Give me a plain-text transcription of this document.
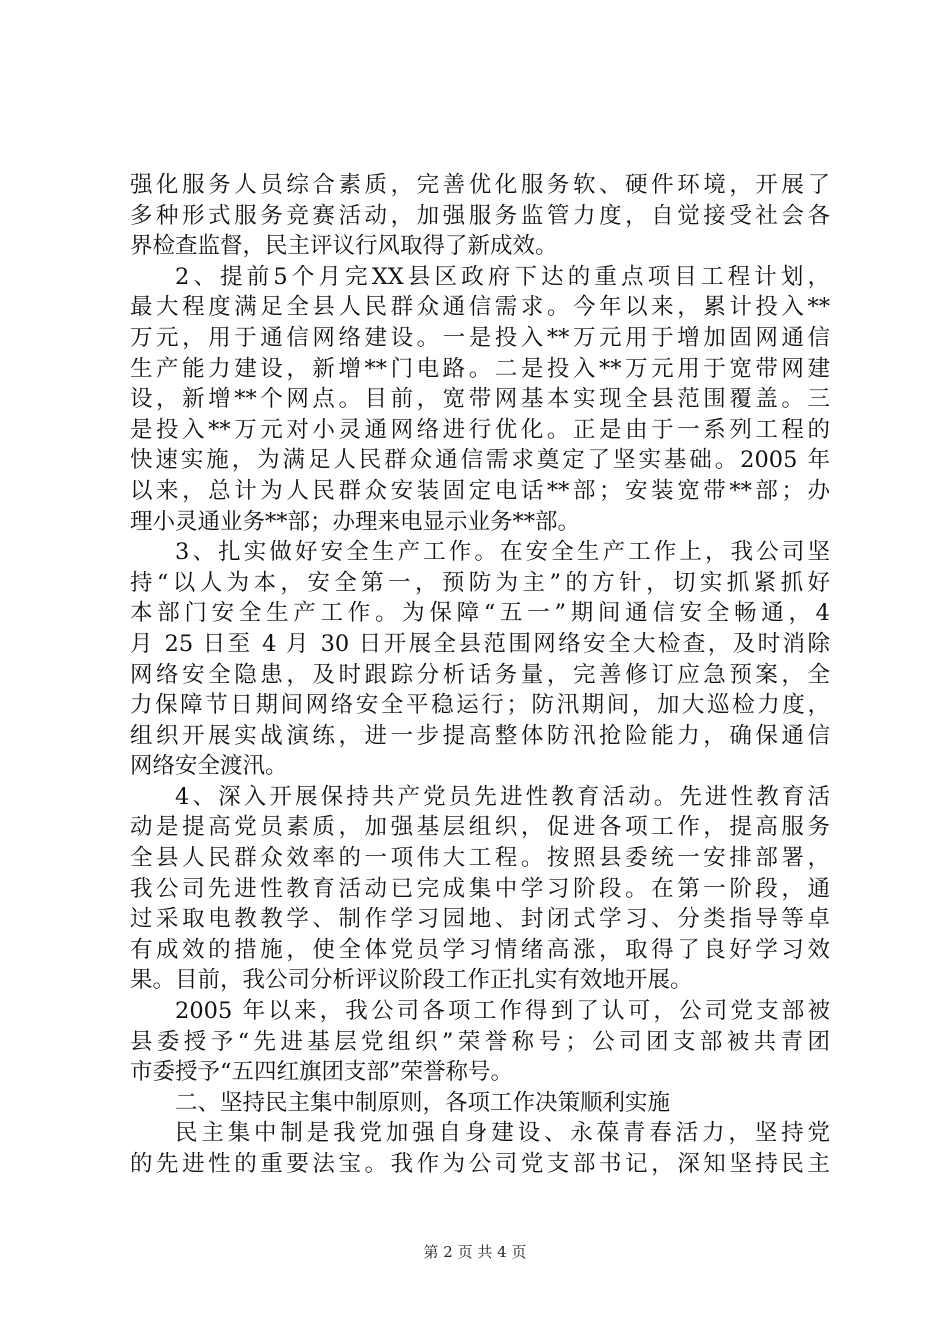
强化服务人员综合素质，完善优化服务软、硬件环境，开展了
多种形式服务竞赛活动，加强服务监管力度，自觉接受社会各
界检查监督，民主评议行风取得了新成效。
2、提前5个月完XX县区政府下达的重点项目工程计划，
最大程度满足全县人民群众通信需求。今年以来，累计投入**
万元，用于通信网络建设。一是投入**万元用于增加固网通信
生产能力建设，新增**门电路。二是投入**万元用于宽带网建
设，新增**个网点。目前，宽带网基本实现全县范围覆盖。三
是投入**万元对小灵通网络进行优化。正是由于一系列工程的
快速实施，为满足人民群众通信需求奠定了坚实基础。2005 年
以来，总计为人民群众安装固定电话**部；安装宽带**部；办
理小灵通业务**部；办理来电显示业务**部。
3、扎实做好安全生产工作。在安全生产工作上，我公司坚
持“以人为本，安全第一，预防为主”的方针，切实抓紧抓好
本部门安全生产工作。为保障“五一”期间通信安全畅通，4
月 25 日至 4 月 30 日开展全县范围网络安全大检查，及时消除
网络安全隐患，及时跟踪分析话务量，完善修订应急预案，全
力保障节日期间网络安全平稳运行；防汛期间，加大巡检力度，
组织开展实战演练，进一步提高整体防汛抢险能力，确保通信
网络安全渡汛。
4、深入开展保持共产党员先进性教育活动。先进性教育活
动是提高党员素质，加强基层组织，促进各项工作，提高服务
全县人民群众效率的一项伟大工程。按照县委统一安排部署，
我公司先进性教育活动已完成集中学习阶段。在第一阶段，通
过采取电教教学、制作学习园地、封闭式学习、分类指导等卓
有成效的措施，使全体党员学习情绪高涨，取得了良好学习效
果。目前，我公司分析评议阶段工作正扎实有效地开展。
2005 年以来，我公司各项工作得到了认可，公司党支部被
县委授予“先进基层党组织”荣誉称号；公司团支部被共青团
市委授予“五四红旗团支部”荣誉称号。
二、坚持民主集中制原则，各项工作决策顺利实施
民主集中制是我党加强自身建设、永葆青春活力，坚持党
的先进性的重要法宝。我作为公司党支部书记，深知坚持民主
第 2 页 共 4 页
